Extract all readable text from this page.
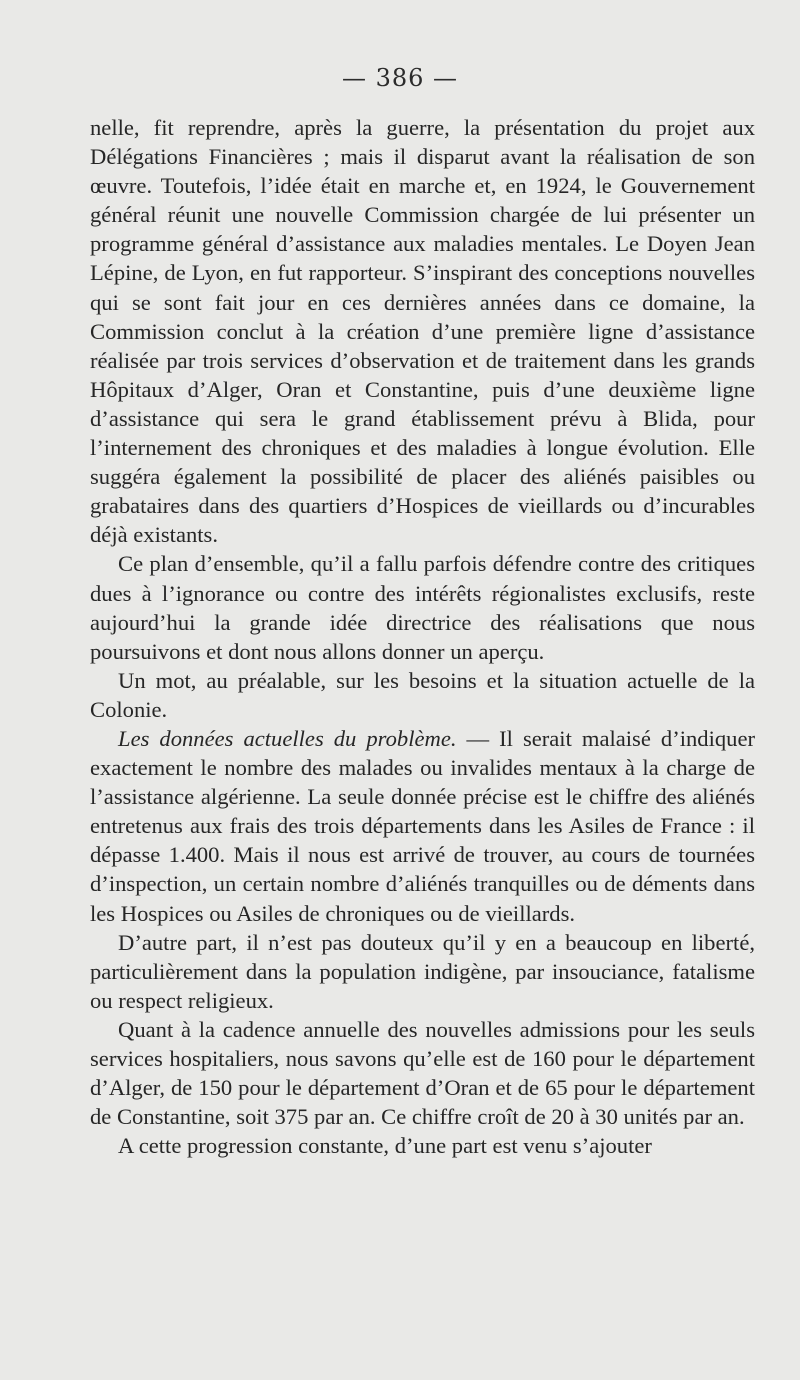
— 386 —

nelle, fit reprendre, après la guerre, la présentation du projet aux Délégations Financières ; mais il disparut avant la réalisation de son œuvre. Toutefois, l’idée était en marche et, en 1924, le Gouvernement général réunit une nouvelle Commission chargée de lui présenter un programme général d’assistance aux maladies mentales. Le Doyen Jean Lépine, de Lyon, en fut rapporteur. S’inspirant des conceptions nouvelles qui se sont fait jour en ces dernières années dans ce domaine, la Commission conclut à la création d’une première ligne d’assistance réalisée par trois services d’observation et de traitement dans les grands Hôpitaux d’Alger, Oran et Constantine, puis d’une deuxième ligne d’assistance qui sera le grand établissement prévu à Blida, pour l’internement des chroniques et des maladies à longue évolution. Elle suggéra également la possibilité de placer des aliénés paisibles ou grabataires dans des quartiers d’Hospices de vieillards ou d’incurables déjà existants.

Ce plan d’ensemble, qu’il a fallu parfois défendre contre des critiques dues à l’ignorance ou contre des intérêts régionalistes exclusifs, reste aujourd’hui la grande idée directrice des réalisations que nous poursuivons et dont nous allons donner un aperçu.

Un mot, au préalable, sur les besoins et la situation actuelle de la Colonie.

Les données actuelles du problème. — Il serait malaisé d’indiquer exactement le nombre des malades ou invalides mentaux à la charge de l’assistance algérienne. La seule donnée précise est le chiffre des aliénés entretenus aux frais des trois départements dans les Asiles de France : il dépasse 1.400. Mais il nous est arrivé de trouver, au cours de tournées d’inspection, un certain nombre d’aliénés tranquilles ou de déments dans les Hospices ou Asiles de chroniques ou de vieillards.

D’autre part, il n’est pas douteux qu’il y en a beaucoup en liberté, particulièrement dans la population indigène, par insouciance, fatalisme ou respect religieux.

Quant à la cadence annuelle des nouvelles admissions pour les seuls services hospitaliers, nous savons qu’elle est de 160 pour le département d’Alger, de 150 pour le département d’Oran et de 65 pour le département de Constantine, soit 375 par an. Ce chiffre croît de 20 à 30 unités par an.

A cette progression constante, d’une part est venu s’ajouter
